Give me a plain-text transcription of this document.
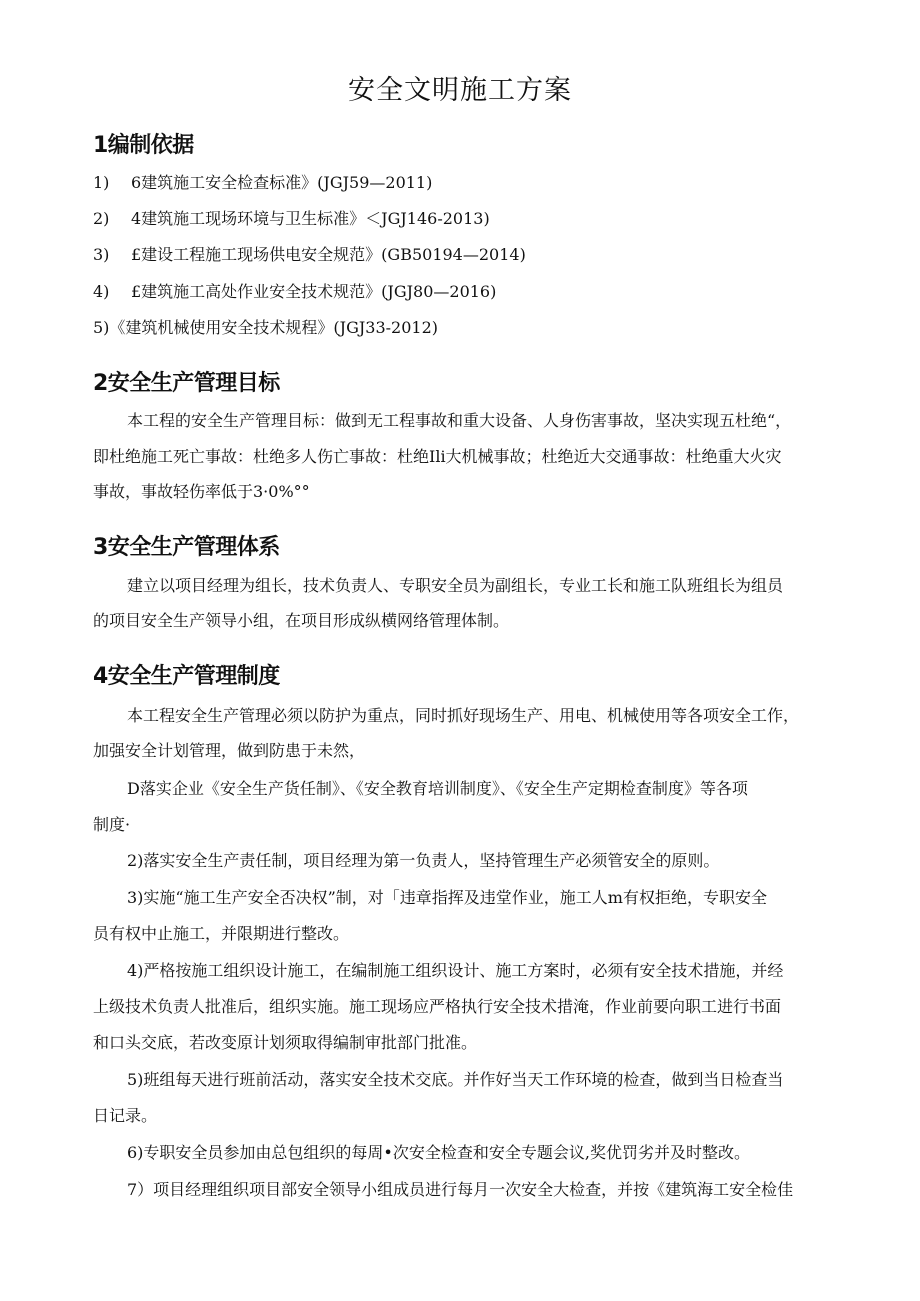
安全文明施工方案
1编制依据
1) 6建筑施工安全检查标准》(JGJ59—2011)
2) 4建筑施工现场环境与卫生标准》＜JGJ146-2013)
3) £建设工程施工现场供电安全规范》(GB50194—2014)
4) £建筑施工高处作业安全技术规范》(JGJ80—2016)
5)《建筑机械使用安全技术规程》(JGJ33-2012)
2安全生产管理目标
本工程的安全生产管理目标：做到无工程事故和重大设备、人身伤害事故，坚决实现五杜绝“，
即杜绝施工死亡事故：杜绝多人伤亡事故：杜绝Ili大机械事故；杜绝近大交通事故：杜绝重大火灾
事故，事故轻伤率低于3·0%°°
3安全生产管理体系
建立以项目经理为组长，技术负责人、专职安全员为副组长，专业工长和施工队班组长为组员
的项目安全生产领导小组，在项目形成纵横网络管理体制。
4安全生产管理制度
本工程安全生产管理必须以防护为重点，同时抓好现场生产、用电、机械使用等各项安全工作，
加强安全计划管理，做到防患于未然，
D落实企业《安全生产货任制》、《安全教育培训制度》、《安全生产定期检查制度》等各项
制度·
2)落实安全生产责任制，项目经理为第一负责人，坚持管理生产必须管安全的原则。
3)实施“施工生产安全否决权”制，对「违章指挥及违堂作业，施工人m有权拒绝，专职安全
员有权中止施工，并限期进行整改。
4)严格按施工组织设计施工，在编制施工组织设计、施工方案时，必须有安全技术措施，并经
上级技术负责人批准后，组织实施。施工现场应严格执行安全技术措淹，作业前要向职工进行书面
和口头交底，若改变原计划须取得编制审批部门批准。
5)班组每天进行班前活动，落实安全技术交底。并作好当天工作环境的检查，做到当日检查当
日记录。
6)专职安全员参加由总包组织的每周•次安全检查和安全专题会议,奖优罚劣并及时整改。
7）项目经理组织项目部安全领导小组成员进行每月一次安全大检查，并按《建筑海工安全检佳
